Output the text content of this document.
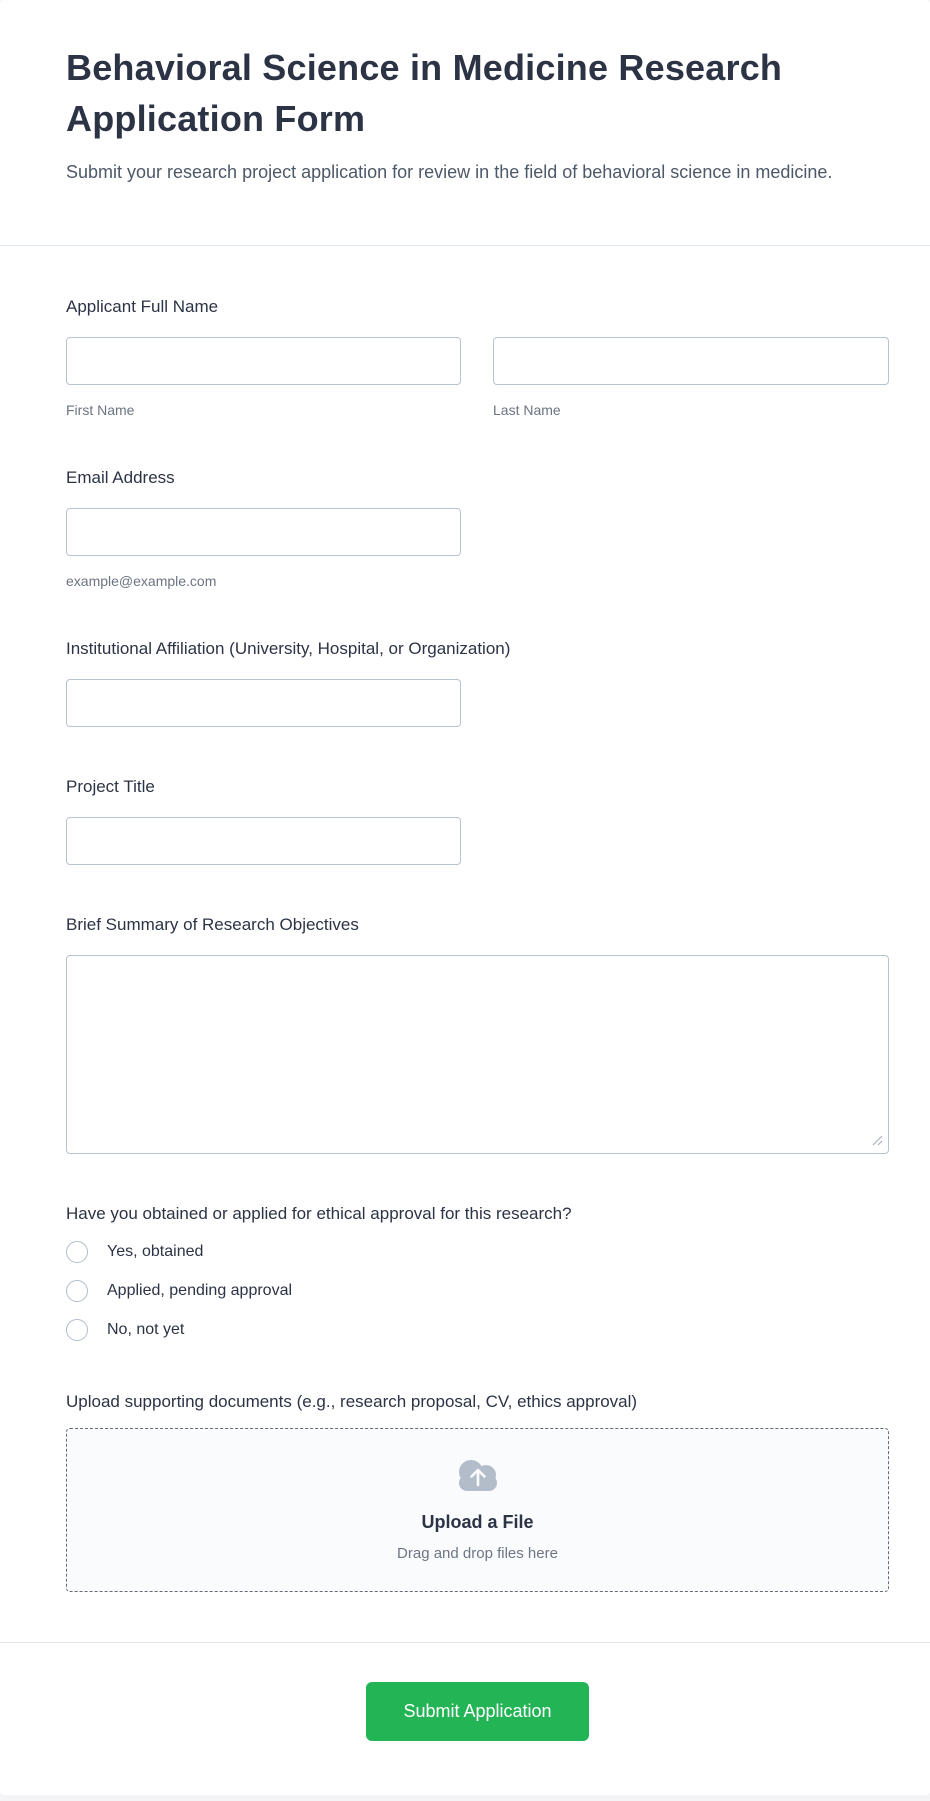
Behavioral Science in Medicine Research Application Form
Submit your research project application for review in the field of behavioral science in medicine.
Applicant Full Name
First Name	Last Name
Email Address
example@example.com
Institutional Affiliation (University, Hospital, or Organization)
Project Title
Brief Summary of Research Objectives
Have you obtained or applied for ethical approval for this research?
Yes, obtained
Applied, pending approval
No, not yet
Upload supporting documents (e.g., research proposal, CV, ethics approval)
Upload a File
Drag and drop files here
Submit Application
